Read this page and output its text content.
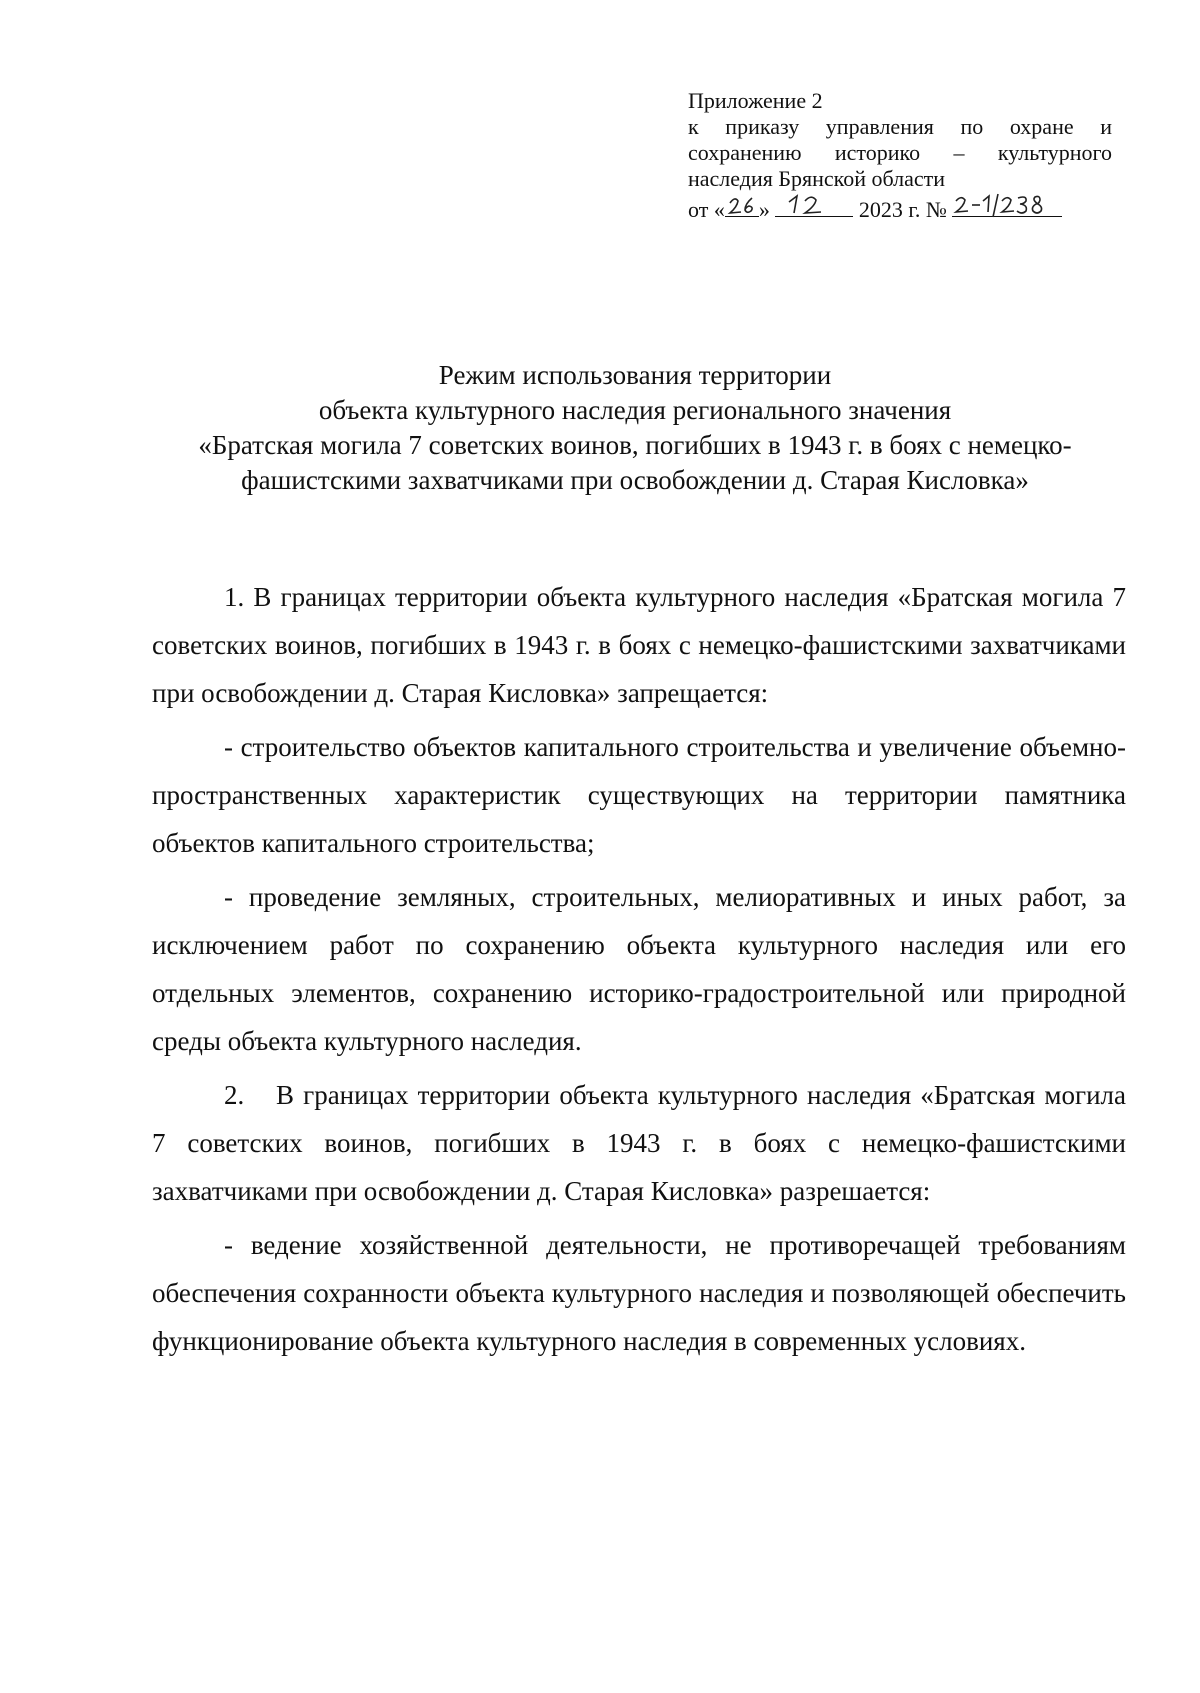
Приложение 2
к приказу управления по охране и
сохранению историко – культурного
наследия Брянской области
от « »	2023 г. №
Режим использования территории
объекта культурного наследия регионального значения
«Братская могила 7 советских воинов, погибших в 1943 г. в боях с немецко-
фашистскими захватчиками при освобождении д. Старая Кисловка»

1. В границах территории объекта культурного наследия «Братская могила 7 советских воинов, погибших в 1943 г. в боях с немецко-фашистскими захватчиками при освобождении д. Старая Кисловка» запрещается:

- строительство объектов капитального строительства и увеличение объемно-пространственных характеристик существующих на территории памятника объектов капитального строительства;

- проведение земляных, строительных, мелиоративных и иных работ, за исключением работ по сохранению объекта культурного наследия или его отдельных элементов, сохранению историко-градостроительной или природной среды объекта культурного наследия.

2. В границах территории объекта культурного наследия «Братская могила 7 советских воинов, погибших в 1943 г. в боях с немецко-фашистскими захватчиками при освобождении д. Старая Кисловка» разрешается:

- ведение хозяйственной деятельности, не противоречащей требованиям обеспечения сохранности объекта культурного наследия и позволяющей обеспечить функционирование объекта культурного наследия в современных условиях.
